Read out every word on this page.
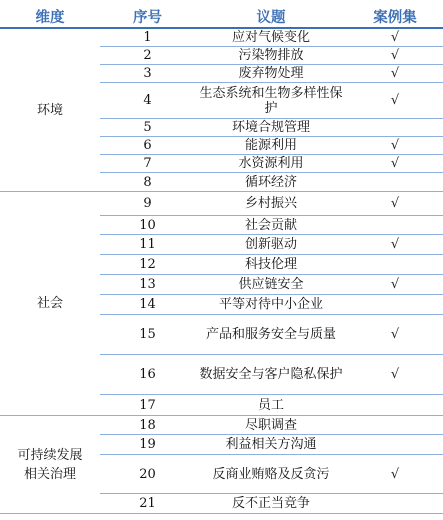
维度	序号	议题	案例集
环境
1	应对气候变化	√
2	污染物排放	√
3	废弃物处理	√
4	生态系统和生物多样性保护	√
5	环境合规管理
6	能源利用	√
7	水资源利用	√
8	循环经济
社会
9	乡村振兴	√
10	社会贡献
11	创新驱动	√
12	科技伦理
13	供应链安全	√
14	平等对待中小企业
15	产品和服务安全与质量	√
16	数据安全与客户隐私保护	√
17	员工
可持续发展相关治理
18	尽职调查
19	利益相关方沟通
20	反商业贿赂及反贪污	√
21	反不正当竞争
